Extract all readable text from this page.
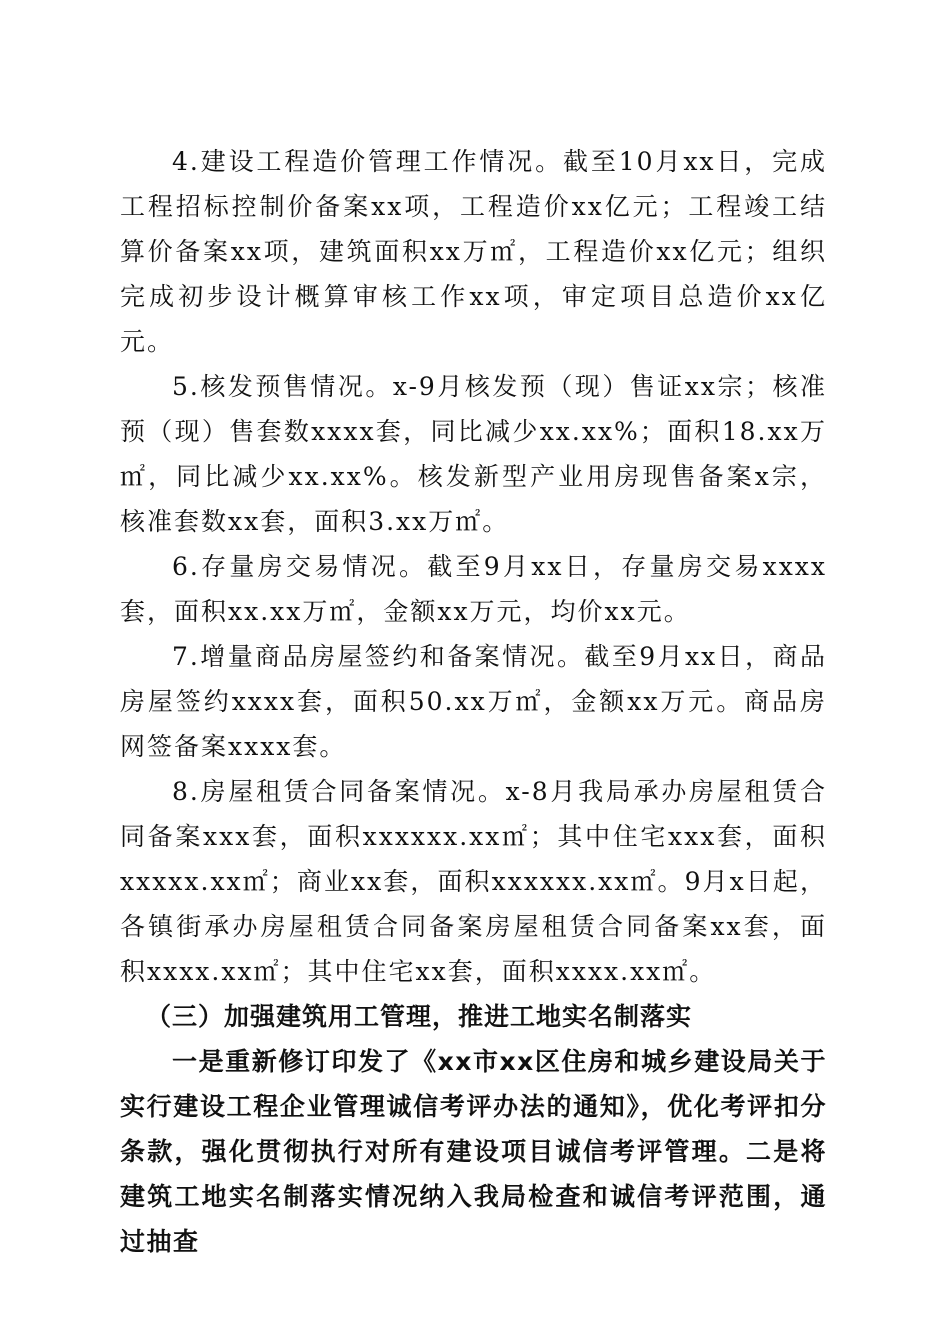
4.建设工程造价管理工作情况。截至10月xx日，完成工程招标控制价备案xx项，工程造价xx亿元；工程竣工结算价备案xx项，建筑面积xx万㎡，工程造价xx亿元；组织完成初步设计概算审核工作xx项，审定项目总造价xx亿元。

5.核发预售情况。x-9月核发预（现）售证xx宗；核准预（现）售套数xxxx套，同比减少xx.xx%；面积18.xx万㎡，同比减少xx.xx%。核发新型产业用房现售备案x宗，核准套数xx套，面积3.xx万㎡。

6.存量房交易情况。截至9月xx日，存量房交易xxxx套，面积xx.xx万㎡，金额xx万元，均价xx元。

7.增量商品房屋签约和备案情况。截至9月xx日，商品房屋签约xxxx套，面积50.xx万㎡，金额xx万元。商品房网签备案xxxx套。

8.房屋租赁合同备案情况。x-8月我局承办房屋租赁合同备案xxx套，面积xxxxxx.xx㎡；其中住宅xxx套，面积xxxxx.xx㎡；商业xx套，面积xxxxxx.xx㎡。9月x日起，各镇街承办房屋租赁合同备案房屋租赁合同备案xx套，面积xxxx.xx㎡；其中住宅xx套，面积xxxx.xx㎡。

（三）加强建筑用工管理，推进工地实名制落实

一是重新修订印发了《xx市xx区住房和城乡建设局关于实行建设工程企业管理诚信考评办法的通知》，优化考评扣分条款，强化贯彻执行对所有建设项目诚信考评管理。二是将建筑工地实名制落实情况纳入我局检查和诚信考评范围，通过抽查
